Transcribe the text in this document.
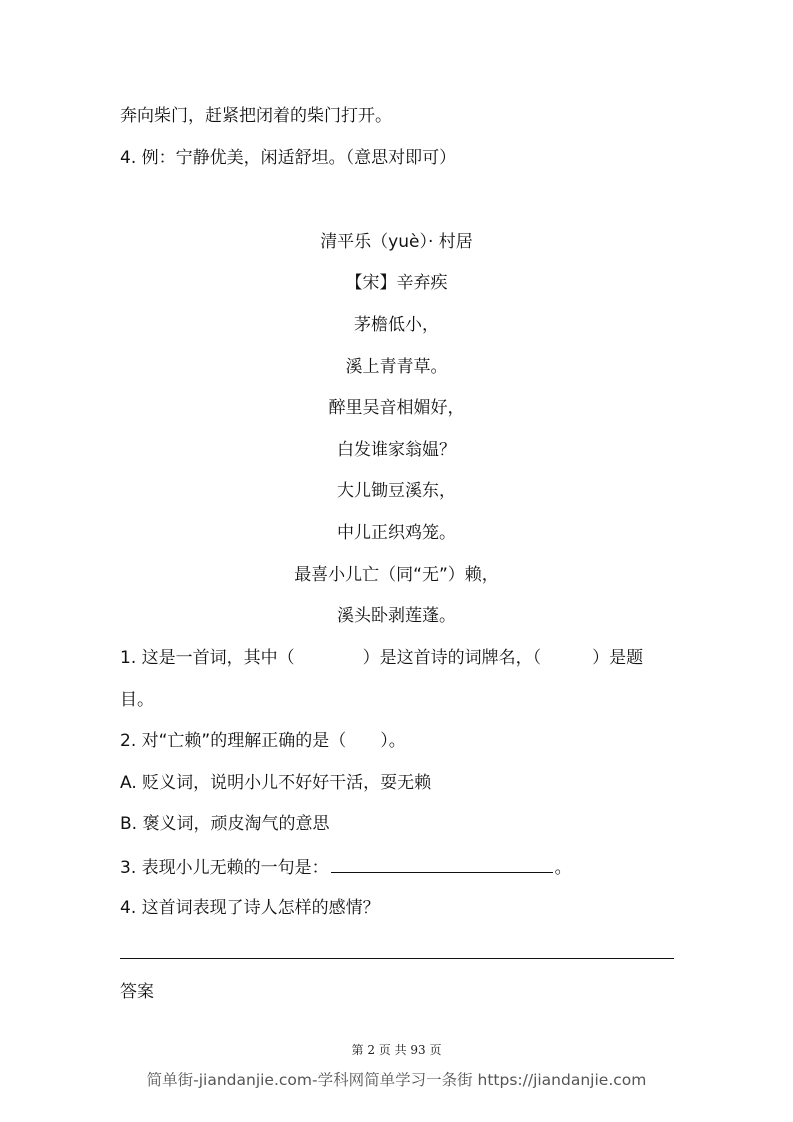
奔向柴门，赶紧把闭着的柴门打开。
4. 例：宁静优美，闲适舒坦。（意思对即可）
清平乐（yuè）· 村居
【宋】辛弃疾
茅檐低小，
溪上青青草。
醉里吴音相媚好，
白发谁家翁媪？
大儿锄豆溪东，
中儿正织鸡笼。
最喜小儿亡（同“无”）赖，
溪头卧剥莲蓬。
1. 这是一首词，其中（　　　　）是这首诗的词牌名，（　　　）是题
目。
2. 对“亡赖”的理解正确的是（　　）。
A. 贬义词，说明小儿不好好干活，耍无赖
B. 褒义词，顽皮淘气的意思
3. 表现小儿无赖的一句是：	。
4. 这首词表现了诗人怎样的感情？
答案
第 2 页 共 93 页
简单街-jiandanjie.com-学科网简单学习一条街 https://jiandanjie.com
